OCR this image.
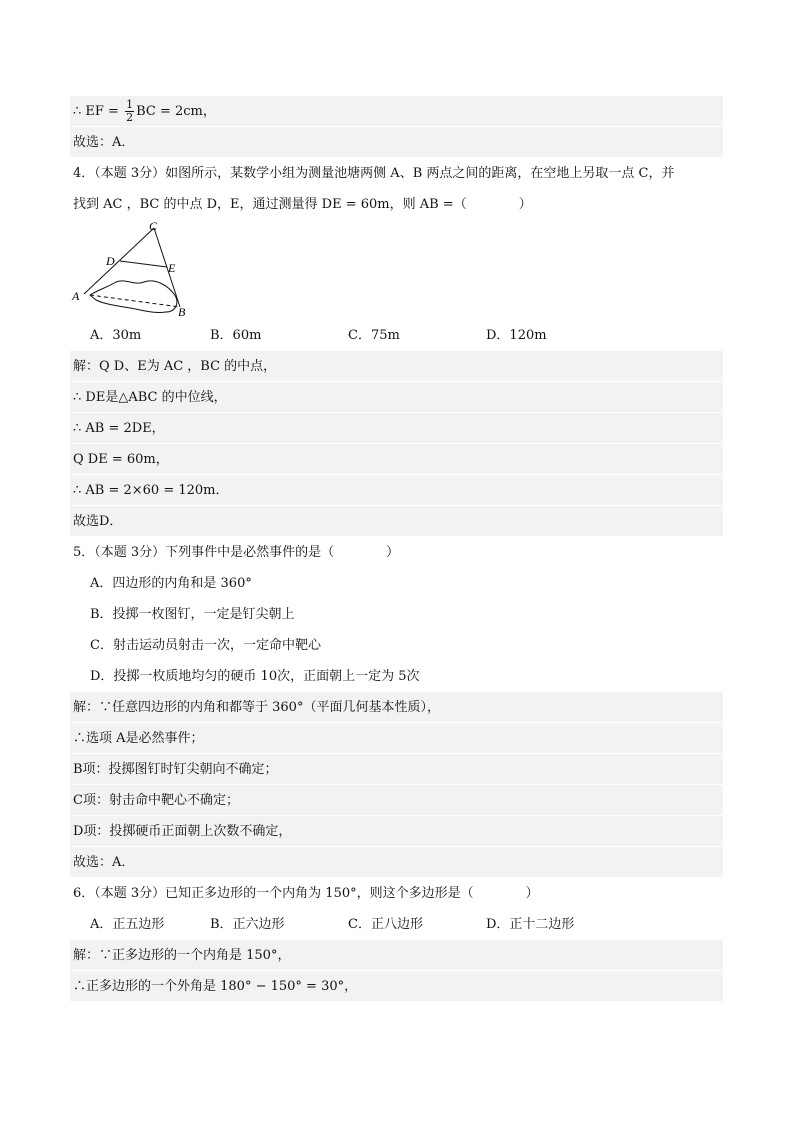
∴ EF = $\frac{1}{2}$ BC = 2cm，
故选：A．
4．（本题 3分）如图所示，某数学小组为测量池塘两侧 A、B 两点之间的距离，在空地上另取一点 C，并
找到 AC ，BC 的中点 D，E，通过测量得 DE = 60m，则 AB =（　　　　）
C
D	E
A
B
A．30m	B．60m	C．75m	D．120m
解：Q D、E为 AC ，BC 的中点，
∴ DE是△ABC 的中位线，
∴ AB = 2DE，
Q DE = 60m，
∴ AB = 2×60 = 120m．
故选D．
5．（本题 3分）下列事件中是必然事件的是（　　　　）
A．四边形的内角和是 360°
B．投掷一枚图钉，一定是钉尖朝上
C．射击运动员射击一次，一定命中靶心
D．投掷一枚质地均匀的硬币 10次，正面朝上一定为 5次
解：∵任意四边形的内角和都等于 360°（平面几何基本性质），
∴选项 A是必然事件；
B项：投掷图钉时钉尖朝向不确定；
C项：射击命中靶心不确定；
D项：投掷硬币正面朝上次数不确定，
故选：A．
6．（本题 3分）已知正多边形的一个内角为 150°，则这个多边形是（　　　　）
A．正五边形	B．正六边形	C．正八边形	D．正十二边形
解：∵正多边形的一个内角是 150°，
∴正多边形的一个外角是 180° − 150° = 30°，
